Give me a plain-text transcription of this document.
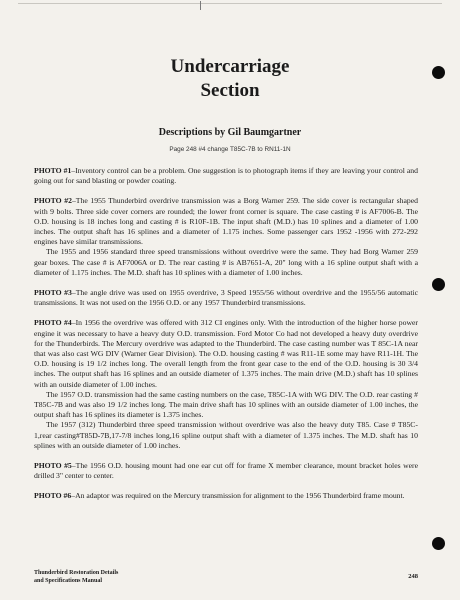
Undercarriage
Section
Descriptions by Gil Baumgartner
Page 248 #4 change T85C-7B to RN11-1N

PHOTO #1–Inventory control can be a problem. One suggestion is to photograph items if they are leaving your control and going out for sand blasting or powder coating.

PHOTO #2–The 1955 Thunderbird overdrive transmission was a Borg Warner 259. The side cover is rectangular shaped with 9 bolts. Three side cover corners are rounded; the lower front corner is square. The case casting # is AF7006-B. The O.D. housing is 18 inches long and casting # is R10F-1B. The input shaft (M.D.) has 10 splines and a diameter of 1.00 inches. The output shaft has 16 splines and a diameter of 1.175 inches. Some passenger cars 1952 -1956 with 272-292 engines have similar transmissions.

The 1955 and 1956 standard three speed transmissions without overdrive were the same. They had Borg Warner 259 gear boxes. The case # is AF7006A or D. The rear casting # is AB7651-A, 20" long with a 16 spline output shaft with a diameter of 1.175 inches. The M.D. shaft has 10 splines with a diameter of 1.00 inches.

PHOTO #3–The angle drive was used on 1955 overdrive, 3 Speed 1955/56 without overdrive and the 1955/56 automatic transmissions. It was not used on the 1956 O.D. or any 1957 Thunderbird transmissions.

PHOTO #4–In 1956 the overdrive was offered with 312 CI engines only. With the introduction of the higher horse power engine it was necessary to have a heavy duty O.D. transmission. Ford Motor Co had not developed a heavy duty overdrive for the Thunderbirds. The Mercury overdrive was adapted to the Thunderbird. The case casting number was T 85C-1A near that was also cast WG DIV (Warner Gear Division). The O.D. housing casting # was R11-1E some may have R11-1H. The O.D. housing is 19 1/2 inches long. The overall length from the front gear case to the end of the O.D. housing is 30 3/4 inches. The output shaft has 16 splines and an outside diameter of 1.375 inches. The main drive (M.D.) shaft has 10 splines with an outside diameter of 1.00 inches.

The 1957 O.D. transmission had the same casting numbers on the case, T85C-1A with WG DIV. The O.D. rear casting # T85C-7B and was also 19 1/2 inches long. The main drive shaft has 10 splines with an outside diameter of 1.00 inches, the output shaft has 16 splines its diameter is 1.375 inches.

The 1957 (312) Thunderbird three speed transmission without overdrive was also the heavy duty T85. Case # T85C-1,rear casting#T85D-7B,17-7/8 inches long,16 spline output shaft with a diameter of 1.375 inches. The M.D. shaft has 10 splines with an outside diameter of 1.00 inches.

PHOTO #5–The 1956 O.D. housing mount had one ear cut off for frame X member clearance, mount bracket holes were drilled 3" center to center.

PHOTO #6–An adaptor was required on the Mercury transmission for alignment to the 1956 Thunderbird frame mount.

Thunderbird Restoration Details
and Specifications Manual
248
